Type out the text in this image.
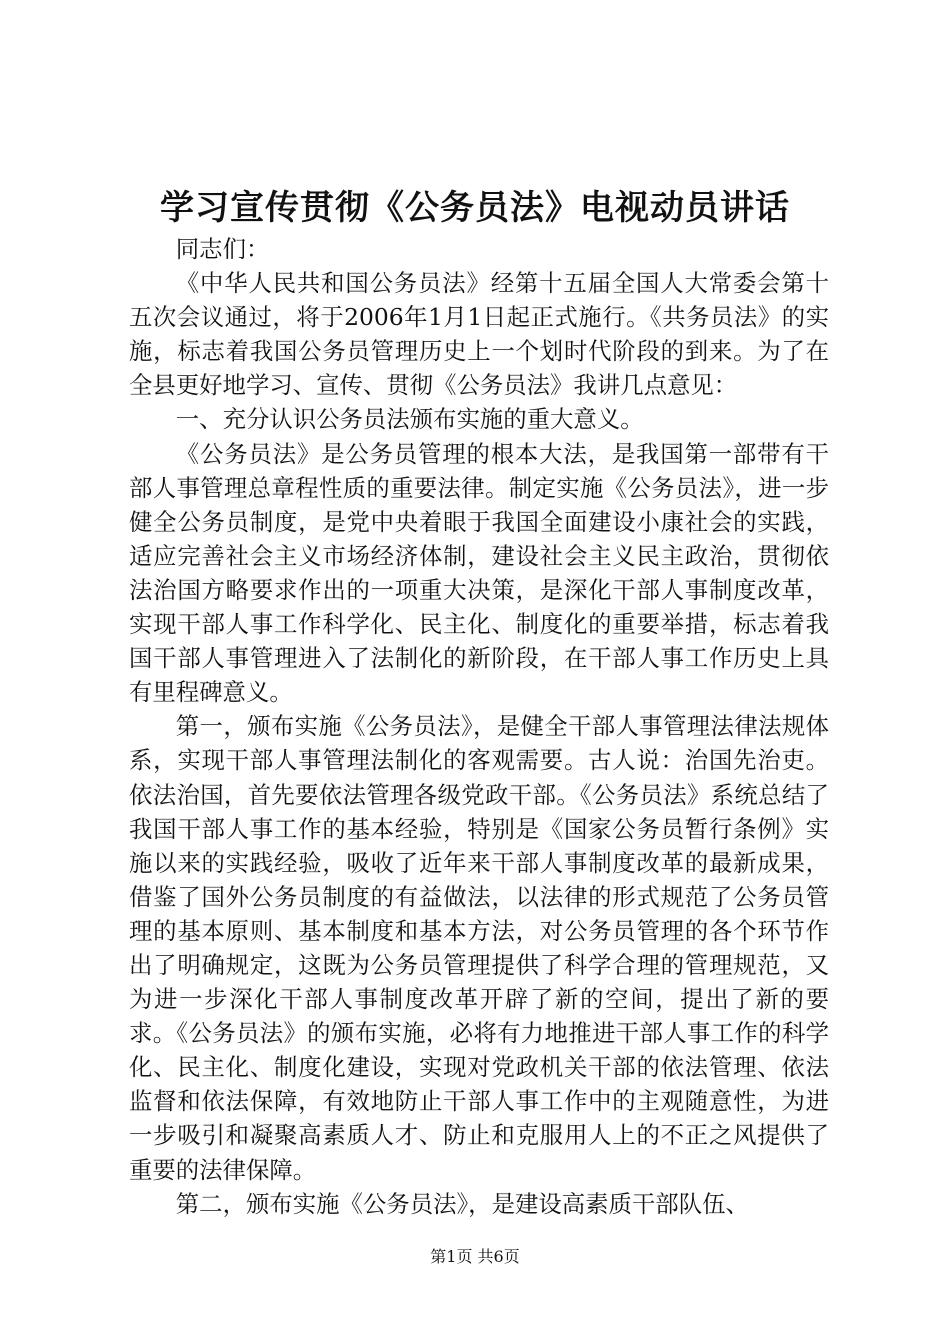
学习宣传贯彻《公务员法》电视动员讲话

同志们：

《中华人民共和国公务员法》经第十五届全国人大常委会第十五次会议通过，将于2006年1月1日起正式施行。《共务员法》的实施，标志着我国公务员管理历史上一个划时代阶段的到来。为了在全县更好地学习、宣传、贯彻《公务员法》我讲几点意见：

一、充分认识公务员法颁布实施的重大意义。

《公务员法》是公务员管理的根本大法，是我国第一部带有干部人事管理总章程性质的重要法律。制定实施《公务员法》，进一步健全公务员制度，是党中央着眼于我国全面建设小康社会的实践，适应完善社会主义市场经济体制，建设社会主义民主政治，贯彻依法治国方略要求作出的一项重大决策，是深化干部人事制度改革，实现干部人事工作科学化、民主化、制度化的重要举措，标志着我国干部人事管理进入了法制化的新阶段，在干部人事工作历史上具有里程碑意义。

第一，颁布实施《公务员法》，是健全干部人事管理法律法规体系，实现干部人事管理法制化的客观需要。古人说：治国先治吏。依法治国，首先要依法管理各级党政干部。《公务员法》系统总结了我国干部人事工作的基本经验，特别是《国家公务员暂行条例》实施以来的实践经验，吸收了近年来干部人事制度改革的最新成果，借鉴了国外公务员制度的有益做法，以法律的形式规范了公务员管理的基本原则、基本制度和基本方法，对公务员管理的各个环节作出了明确规定，这既为公务员管理提供了科学合理的管理规范，又为进一步深化干部人事制度改革开辟了新的空间，提出了新的要求。《公务员法》的颁布实施，必将有力地推进干部人事工作的科学化、民主化、制度化建设，实现对党政机关干部的依法管理、依法监督和依法保障，有效地防止干部人事工作中的主观随意性，为进一步吸引和凝聚高素质人才、防止和克服用人上的不正之风提供了重要的法律保障。

第二，颁布实施《公务员法》，是建设高素质干部队伍、

第1页 共6页
